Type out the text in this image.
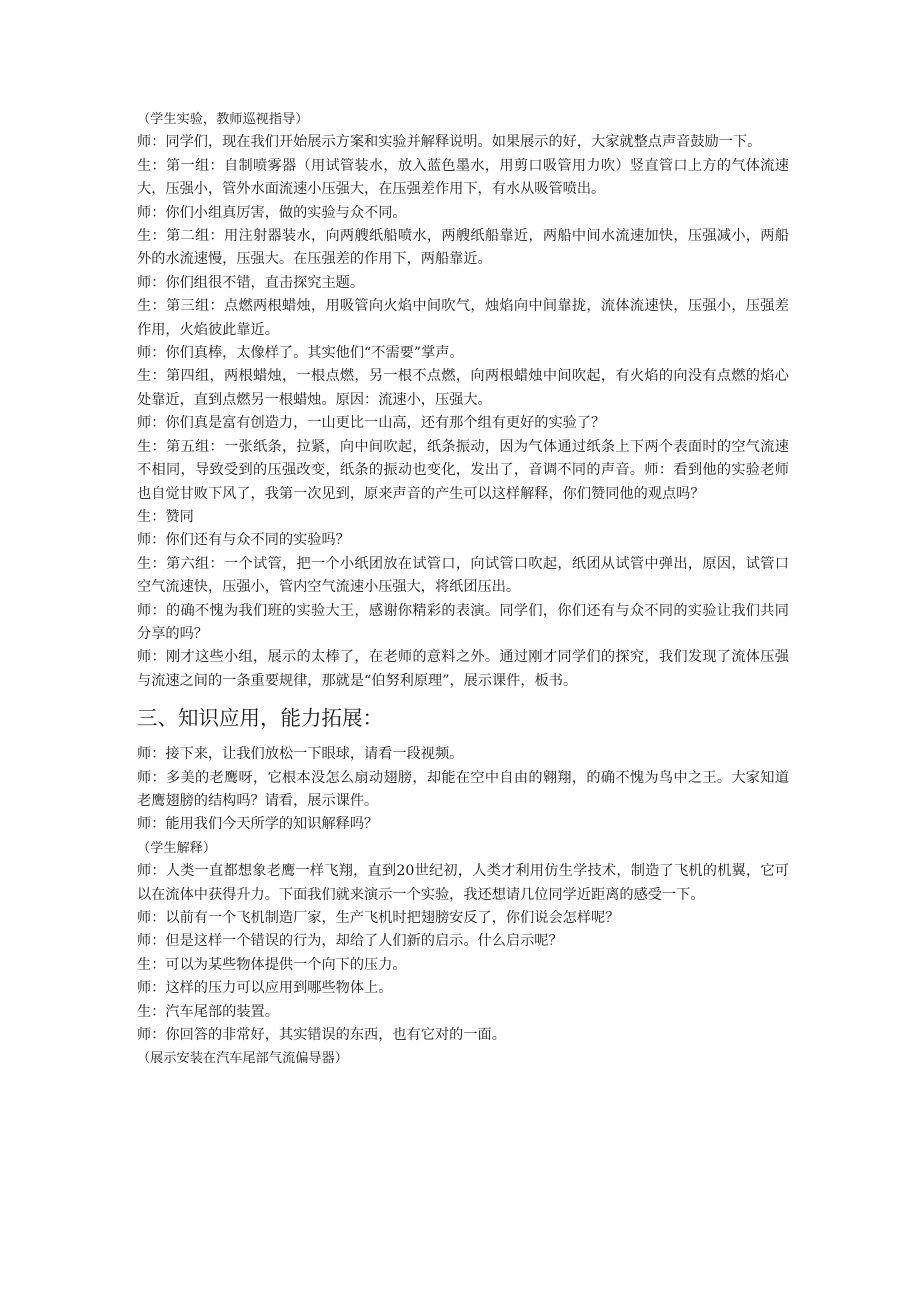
（学生实验，教师巡视指导）

师：同学们，现在我们开始展示方案和实验并解释说明。如果展示的好，大家就整点声音鼓励一下。

生：第一组：自制喷雾器（用试管装水，放入蓝色墨水，用剪口吸管用力吹）竖直管口上方的气体流速大，压强小，管外水面流速小压强大，在压强差作用下，有水从吸管喷出。

师：你们小组真厉害，做的实验与众不同。

生：第二组：用注射器装水，向两艘纸船喷水，两艘纸船靠近，两船中间水流速加快，压强减小，两船外的水流速慢，压强大。在压强差的作用下，两船靠近。

师：你们组很不错，直击探究主题。

生：第三组：点燃两根蜡烛，用吸管向火焰中间吹气，烛焰向中间靠拢，流体流速快，压强小，压强差作用，火焰彼此靠近。

师：你们真棒，太像样了。其实他们“不需要”掌声。

生：第四组，两根蜡烛，一根点燃，另一根不点燃，向两根蜡烛中间吹起，有火焰的向没有点燃的焰心处靠近，直到点燃另一根蜡烛。原因：流速小，压强大。

师：你们真是富有创造力，一山更比一山高，还有那个组有更好的实验了？

生：第五组：一张纸条，拉紧，向中间吹起，纸条振动，因为气体通过纸条上下两个表面时的空气流速不相同，导致受到的压强改变，纸条的振动也变化，发出了，音调不同的声音。师：看到他的实验老师也自觉甘败下风了，我第一次见到，原来声音的产生可以这样解释，你们赞同他的观点吗？

生：赞同

师：你们还有与众不同的实验吗？

生：第六组：一个试管，把一个小纸团放在试管口，向试管口吹起，纸团从试管中弹出，原因，试管口空气流速快，压强小，管内空气流速小压强大，将纸团压出。

师：的确不愧为我们班的实验大王，感谢你精彩的表演。同学们，你们还有与众不同的实验让我们共同分享的吗？

师：刚才这些小组，展示的太棒了，在老师的意料之外。通过刚才同学们的探究，我们发现了流体压强与流速之间的一条重要规律，那就是“伯努利原理”，展示课件，板书。

三、知识应用，能力拓展：

师：接下来，让我们放松一下眼球，请看一段视频。

师：多美的老鹰呀，它根本没怎么扇动翅膀，却能在空中自由的翱翔，的确不愧为鸟中之王。大家知道老鹰翅膀的结构吗？请看，展示课件。

师：能用我们今天所学的知识解释吗？

（学生解释）

师：人类一直都想象老鹰一样飞翔，直到20世纪初，人类才利用仿生学技术，制造了飞机的机翼，它可以在流体中获得升力。下面我们就来演示一个实验，我还想请几位同学近距离的感受一下。

师：以前有一个飞机制造厂家，生产飞机时把翅膀安反了，你们说会怎样呢？

师：但是这样一个错误的行为，却给了人们新的启示。什么启示呢？

生：可以为某些物体提供一个向下的压力。

师：这样的压力可以应用到哪些物体上。

生：汽车尾部的装置。

师：你回答的非常好，其实错误的东西，也有它对的一面。

（展示安装在汽车尾部气流偏导器）
